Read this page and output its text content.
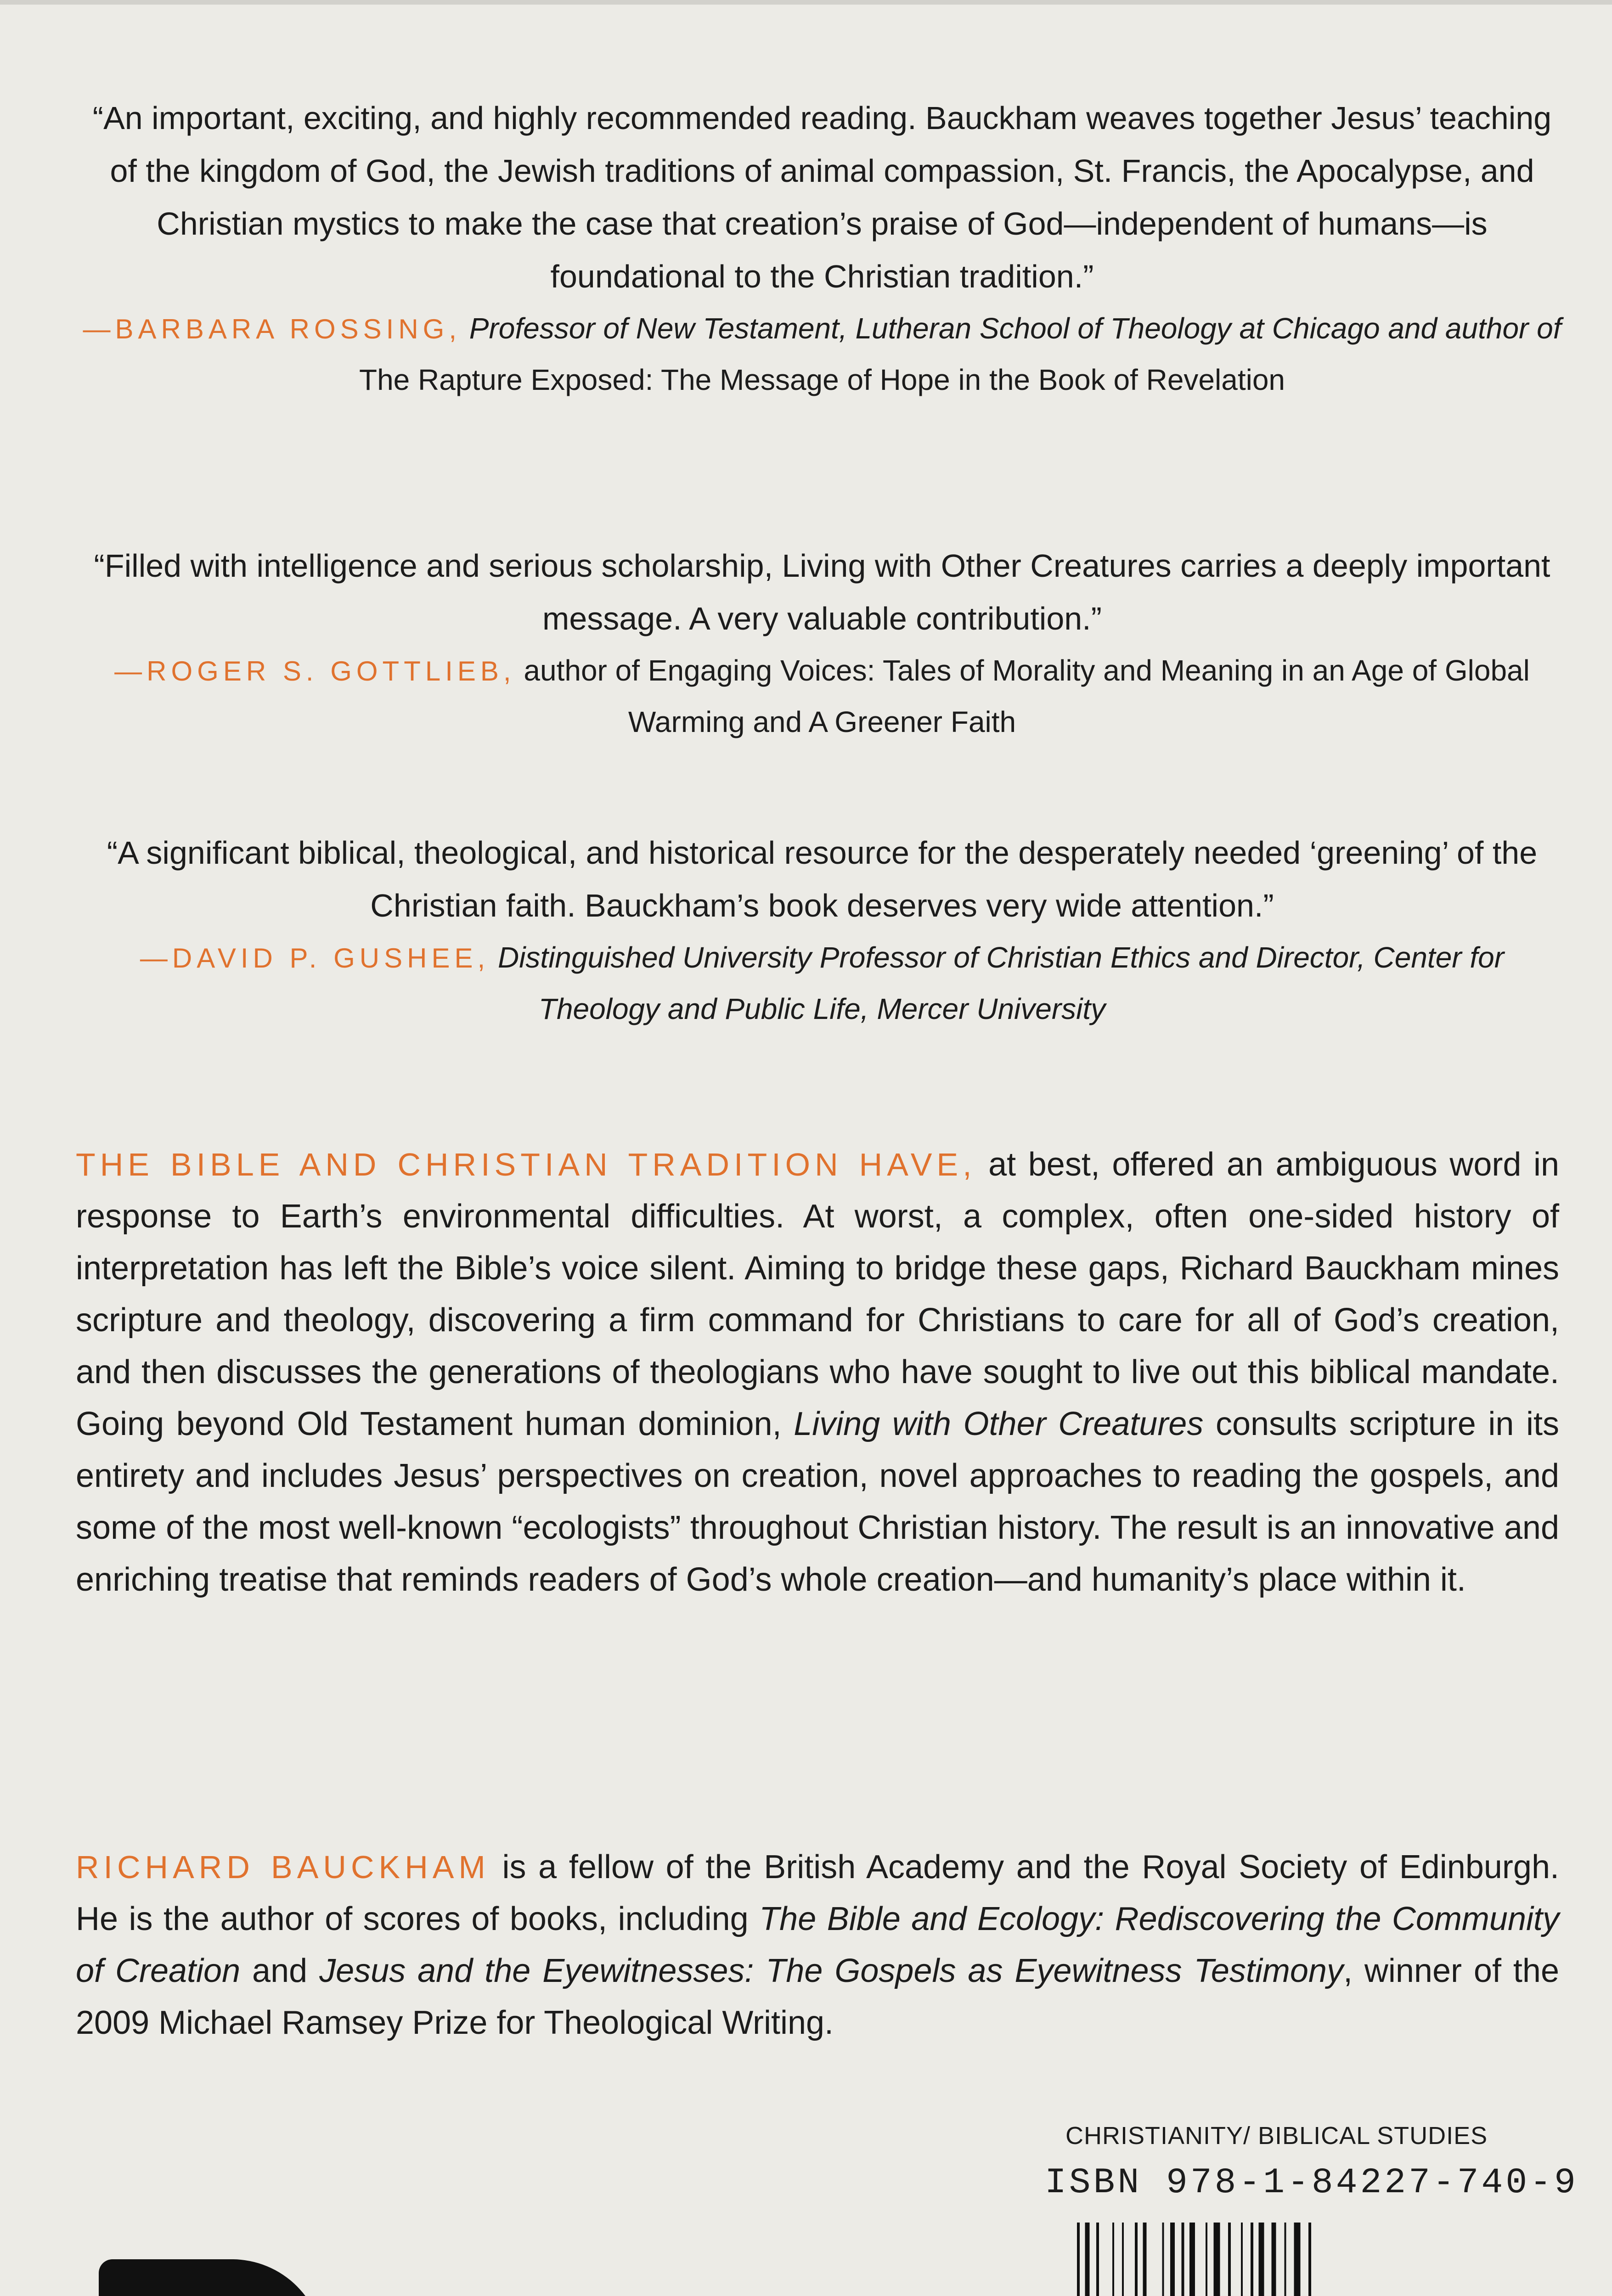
“An important, exciting, and highly recommended reading. Bauckham weaves together Jesus’ teaching of the kingdom of God, the Jewish traditions of animal compassion, St. Francis, the Apocalypse, and Christian mystics to make the case that creation’s praise of God—independent of humans—is foundational to the Christian tradition.”

—BARBARA ROSSING, Professor of New Testament, Lutheran School of Theology at Chicago and author of The Rapture Exposed: The Message of Hope in the Book of Revelation

“Filled with intelligence and serious scholarship, Living with Other Creatures carries a deeply important message. A very valuable contribution.”

—ROGER S. GOTTLIEB, author of Engaging Voices: Tales of Morality and Meaning in an Age of Global Warming and A Greener Faith

“A significant biblical, theological, and historical resource for the desperately needed ‘greening’ of the Christian faith. Bauckham’s book deserves very wide attention.”

—DAVID P. GUSHEE, Distinguished University Professor of Christian Ethics and Director, Center for Theology and Public Life, Mercer University

THE BIBLE AND CHRISTIAN TRADITION HAVE, at best, offered an ambiguous word in response to Earth’s environmental difficulties. At worst, a complex, often one-sided history of interpretation has left the Bible’s voice silent. Aiming to bridge these gaps, Richard Bauckham mines scripture and theology, discovering a firm command for Christians to care for all of God’s creation, and then discusses the generations of theologians who have sought to live out this biblical mandate. Going beyond Old Testament human dominion, Living with Other Creatures consults scripture in its entirety and includes Jesus’ perspectives on creation, novel approaches to reading the gospels, and some of the most well-known “ecologists” throughout Christian history. The result is an innovative and enriching treatise that reminds readers of God’s whole creation—and humanity’s place within it.

RICHARD BAUCKHAM is a fellow of the British Academy and the Royal Society of Edinburgh. He is the author of scores of books, including The Bible and Ecology: Rediscovering the Community of Creation and Jesus and the Eyewitnesses: The Gospels as Eyewitness Testimony, winner of the 2009 Michael Ramsey Prize for Theological Writing.

CHRISTIANITY/ BIBLICAL STUDIES
ISBN 978-1-84227-740-9
